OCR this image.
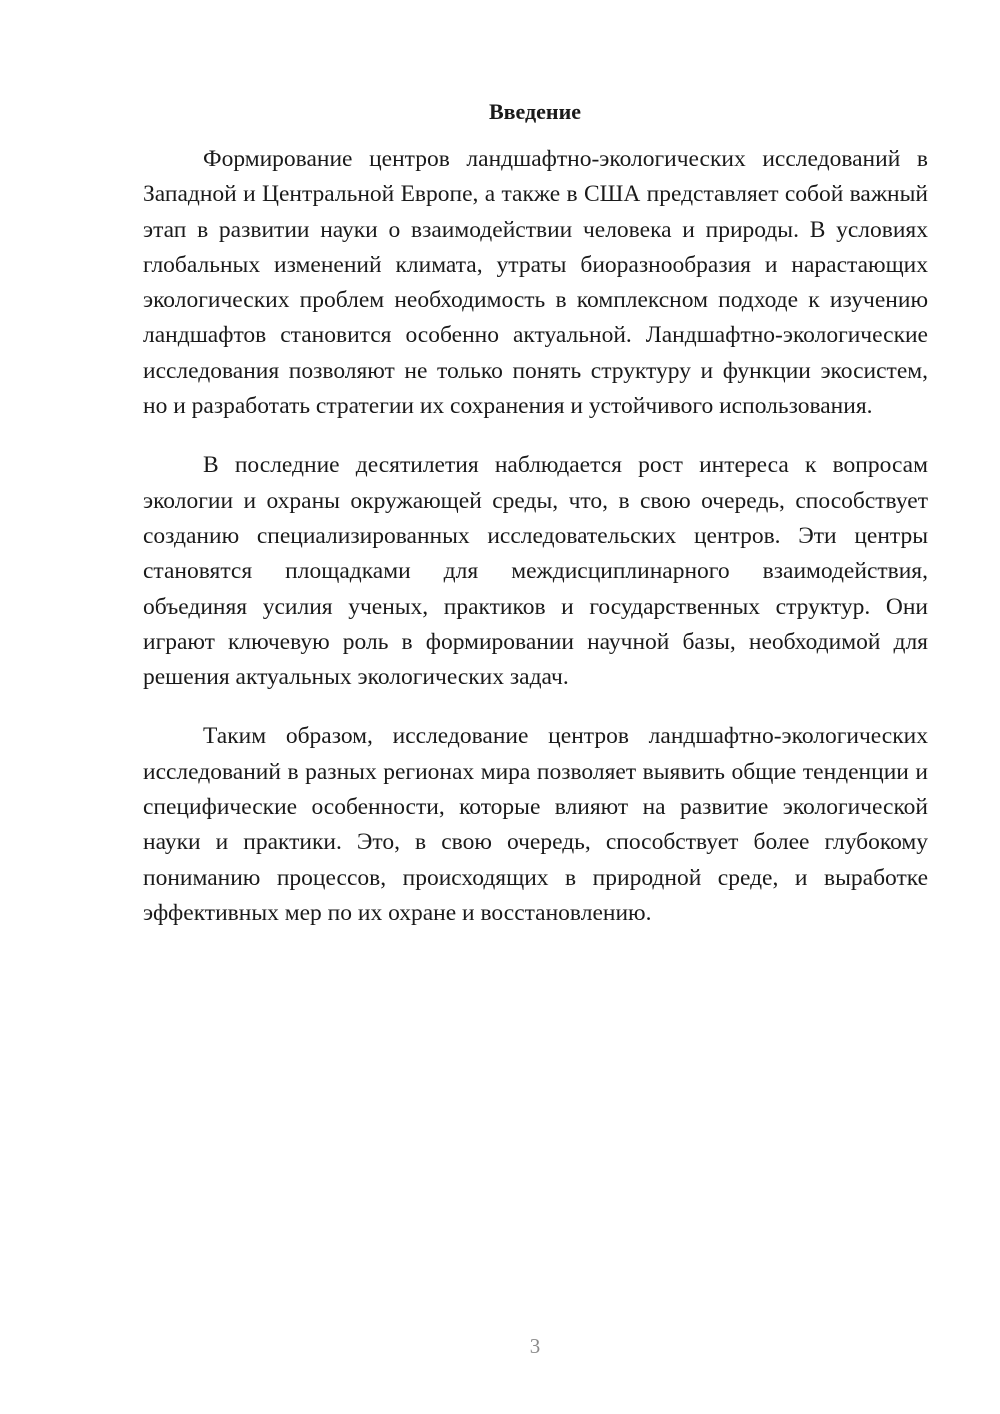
Введение

Формирование центров ландшафтно-экологических исследований в Западной и Центральной Европе, а также в США представляет собой важный этап в развитии науки о взаимодействии человека и природы. В условиях глобальных изменений климата, утраты биоразнообразия и нарастающих экологических проблем необходимость в комплексном подходе к изучению ландшафтов становится особенно актуальной. Ландшафтно-экологические исследования позволяют не только понять структуру и функции экосистем, но и разработать стратегии их сохранения и устойчивого использования.

В последние десятилетия наблюдается рост интереса к вопросам экологии и охраны окружающей среды, что, в свою очередь, способствует созданию специализированных исследовательских центров. Эти центры становятся площадками для междисциплинарного взаимодействия, объединяя усилия ученых, практиков и государственных структур. Они играют ключевую роль в формировании научной базы, необходимой для решения актуальных экологических задач.

Таким образом, исследование центров ландшафтно-экологических исследований в разных регионах мира позволяет выявить общие тенденции и специфические особенности, которые влияют на развитие экологической науки и практики. Это, в свою очередь, способствует более глубокому пониманию процессов, происходящих в природной среде, и выработке эффективных мер по их охране и восстановлению.

3
